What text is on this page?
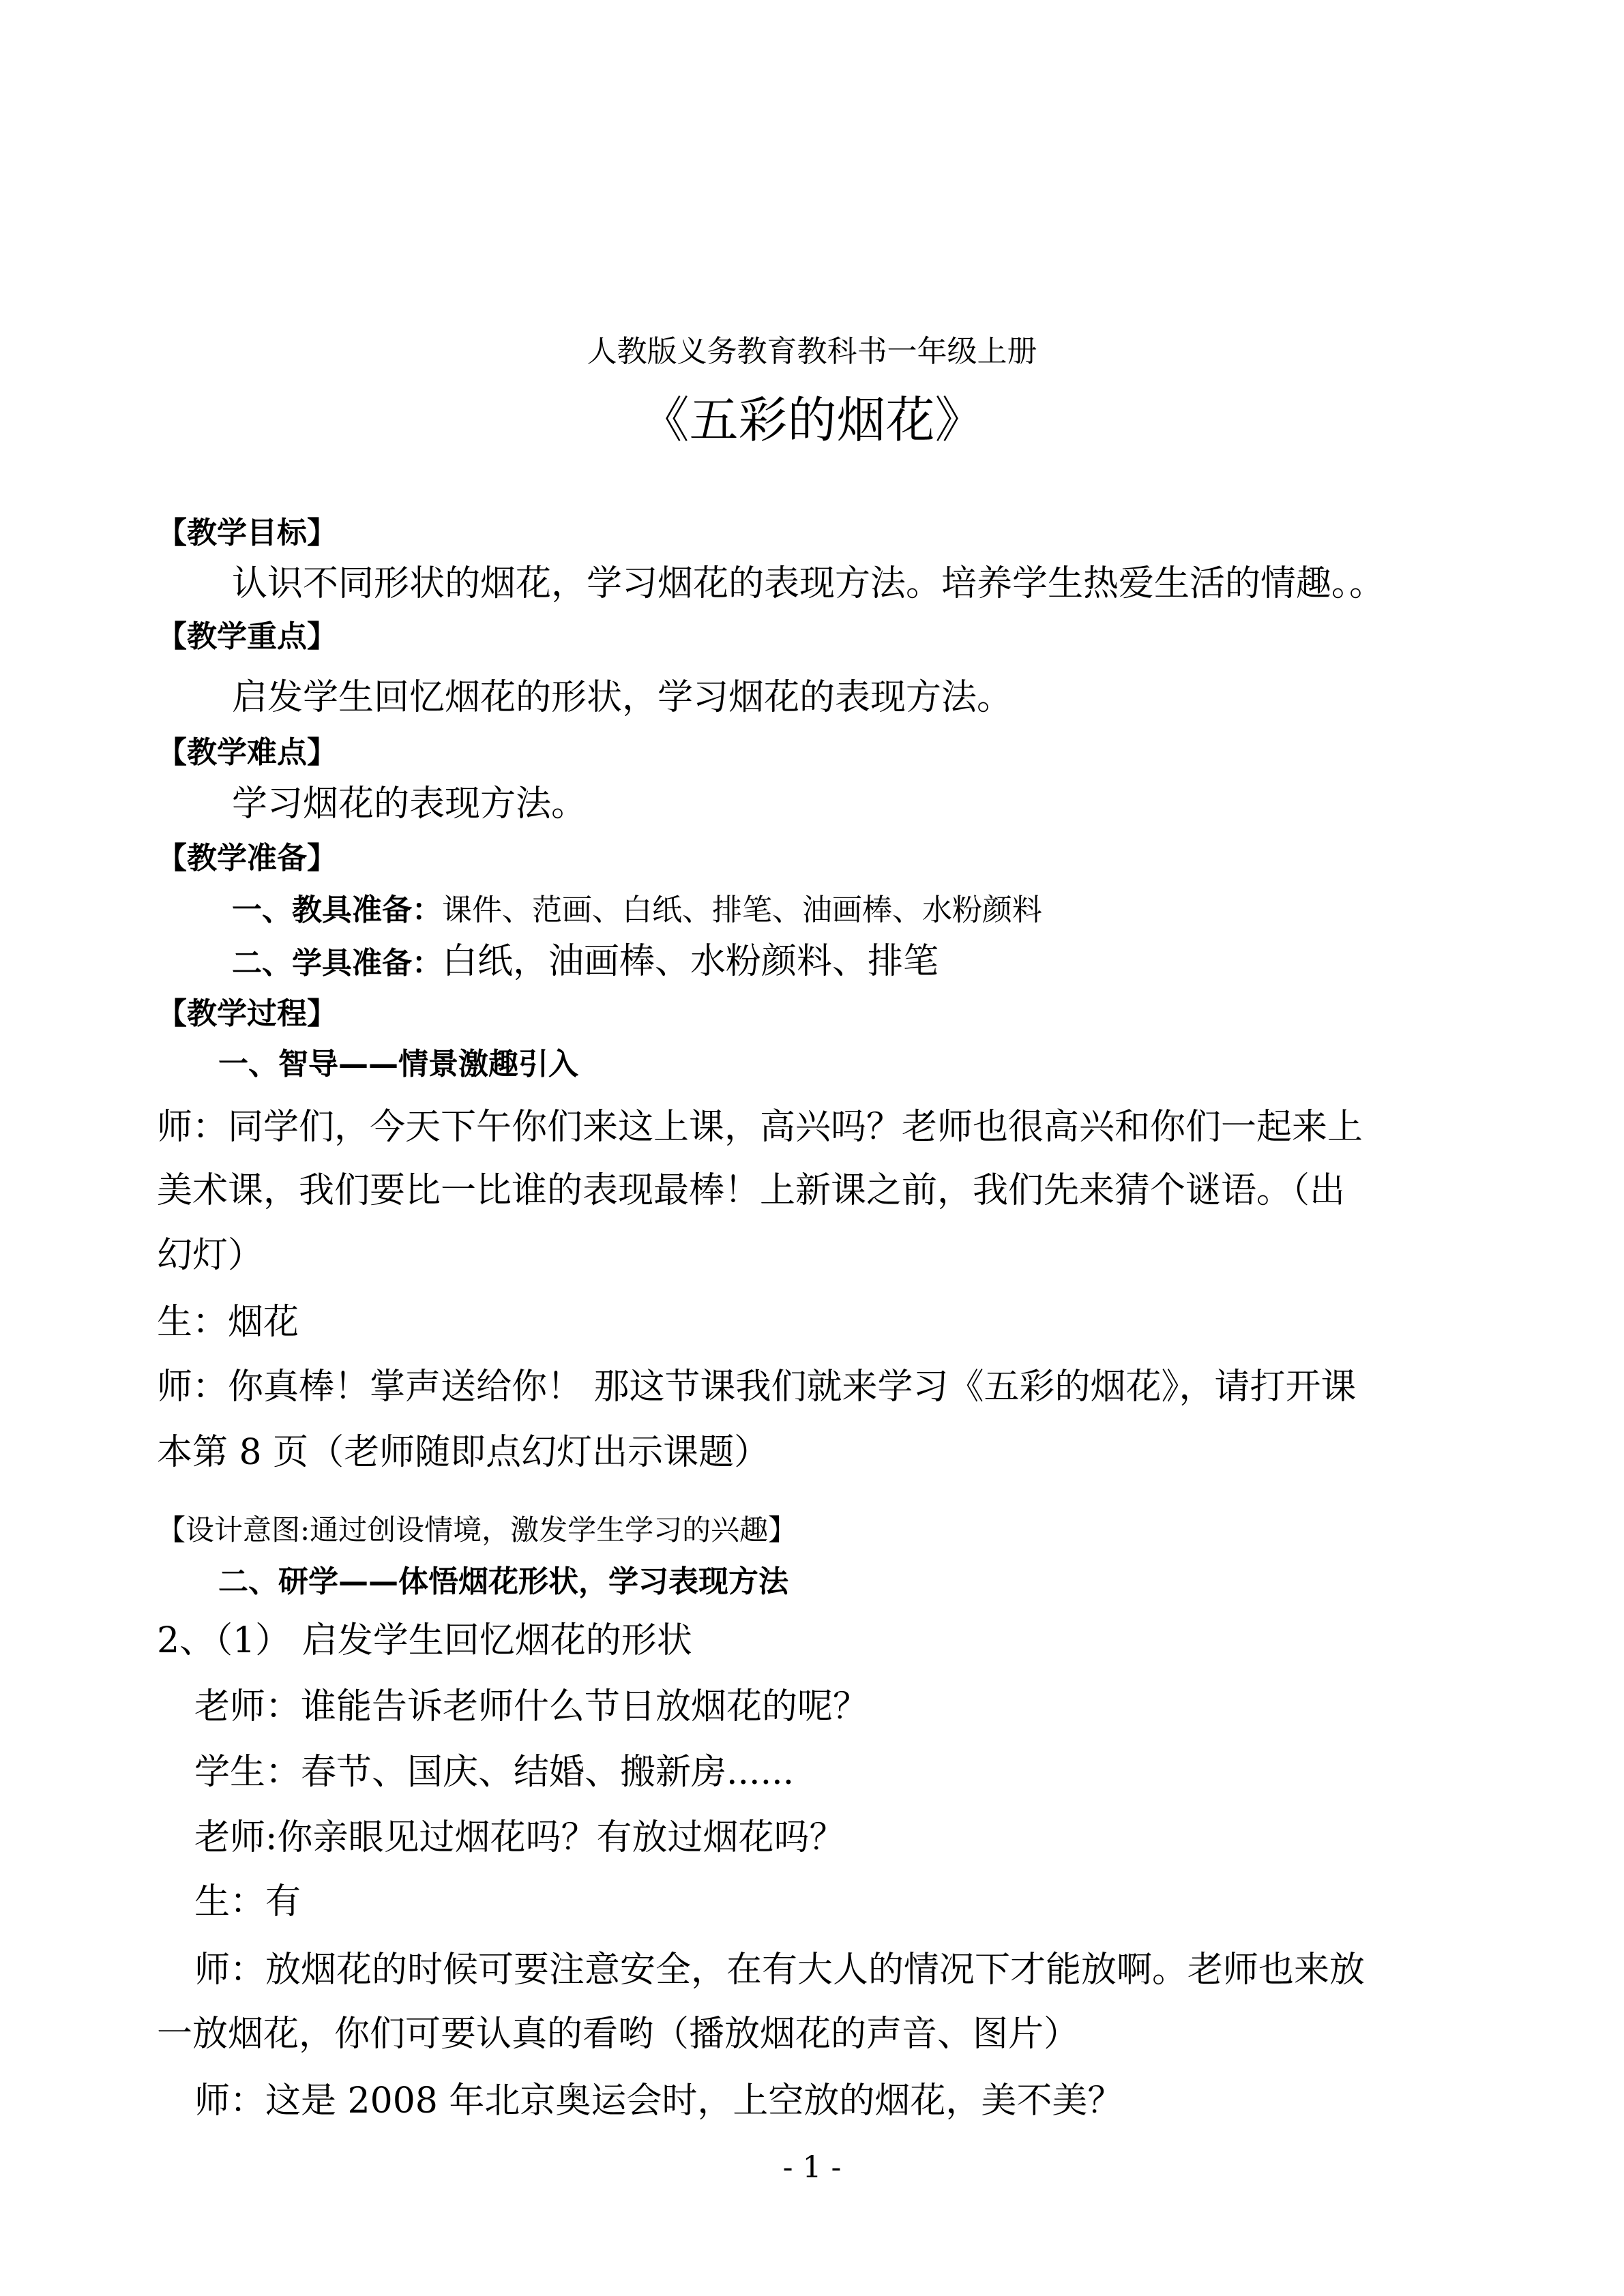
人教版义务教育教科书一年级上册
《五彩的烟花》
【教学目标】
认识不同形状的烟花，学习烟花的表现方法。培养学生热爱生活的情趣。。
【教学重点】
启发学生回忆烟花的形状，学习烟花的表现方法。
【教学难点】
学习烟花的表现方法。
【教学准备】
一、教具准备：课件、范画、白纸、排笔、油画棒、水粉颜料
二、学具准备：白纸，油画棒、水粉颜料、排笔
【教学过程】
一、智导——情景激趣引入
师：同学们，今天下午你们来这上课，高兴吗？老师也很高兴和你们一起来上
美术课，我们要比一比谁的表现最棒！上新课之前，我们先来猜个谜语。（出
幻灯）
生：烟花
师：你真棒！掌声送给你！ 那这节课我们就来学习《五彩的烟花》，请打开课
本第 8 页（老师随即点幻灯出示课题）
【设计意图:通过创设情境，激发学生学习的兴趣】
二、研学——体悟烟花形状，学习表现方法
2、（1） 启发学生回忆烟花的形状
老师：谁能告诉老师什么节日放烟花的呢？
学生：春节、国庆、结婚、搬新房......
老师:你亲眼见过烟花吗？有放过烟花吗？
生：有
师：放烟花的时候可要注意安全，在有大人的情况下才能放啊。老师也来放
一放烟花，你们可要认真的看哟（播放烟花的声音、图片）
师：这是 2008 年北京奥运会时，上空放的烟花，美不美？
- 1 -
